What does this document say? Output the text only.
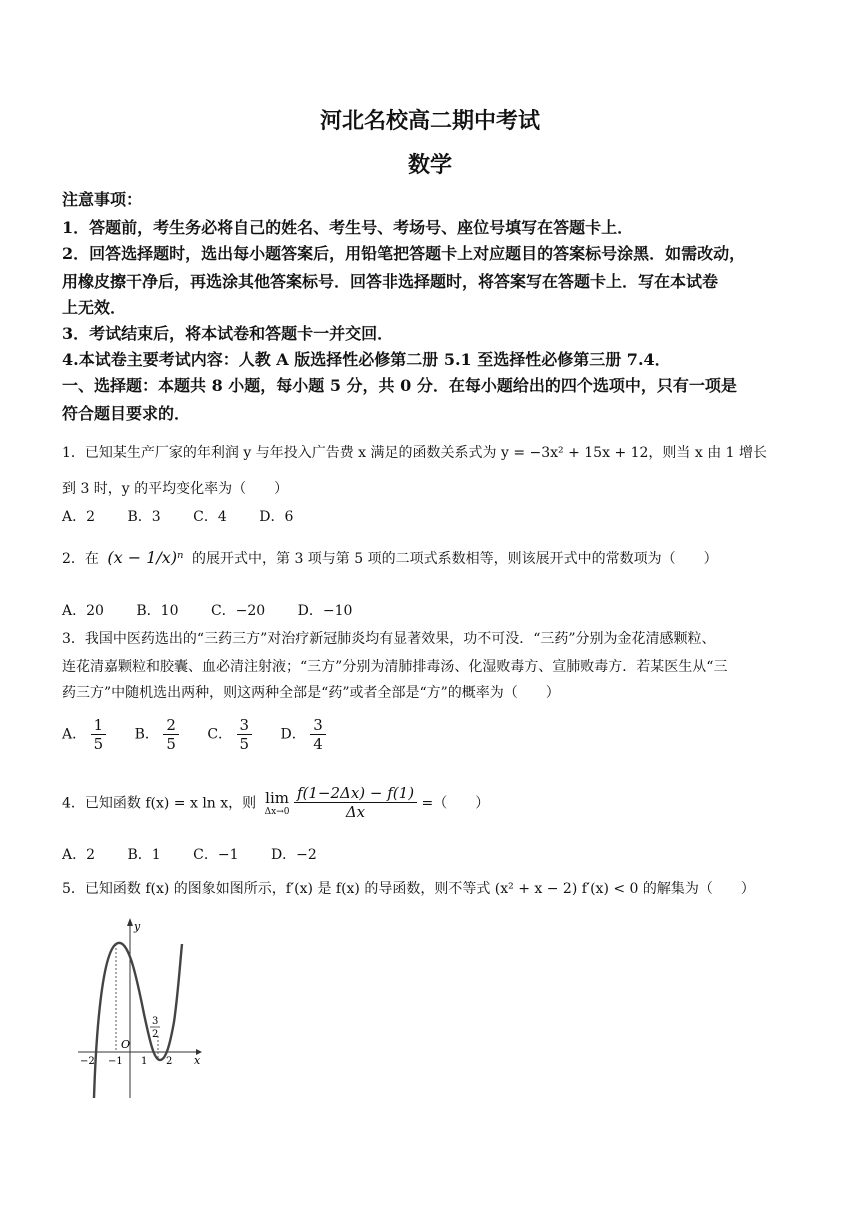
河北名校高二期中考试
数学
注意事项：
1．答题前，考生务必将自己的姓名、考生号、考场号、座位号填写在答题卡上．
2．回答选择题时，选出每小题答案后，用铅笔把答题卡上对应题目的答案标号涂黑．如需改动，
用橡皮擦干净后，再选涂其他答案标号．回答非选择题时，将答案写在答题卡上．写在本试卷
上无效．
3．考试结束后，将本试卷和答题卡一并交回．
4.本试卷主要考试内容：人教 A 版选择性必修第二册 5.1 至选择性必修第三册 7.4．
一、选择题：本题共 8 小题，每小题 5 分，共 0 分．在每小题给出的四个选项中，只有一项是
符合题目要求的．
1．已知某生产厂家的年利润 y 与年投入广告费 x 满足的函数关系式为 y = −3x² + 15x + 12，则当 x 由 1 增长
到 3 时，y 的平均变化率为（　　）
A．2 B．3 C．4 D．6
2．在 (x − 1/x)ⁿ 的展开式中，第 3 项与第 5 项的二项式系数相等，则该展开式中的常数项为（　　）
A．20 B．10 C．−20 D．−10
3．我国中医药选出的“三药三方”对治疗新冠肺炎均有显著效果，功不可没．“三药”分别为金花清感颗粒、
连花清嘉颗粒和胶囊、血必清注射液；“三方”分别为清肺排毒汤、化湿败毒方、宣肺败毒方．若某医生从“三
药三方”中随机选出两种，则这两种全部是“药”或者全部是“方”的概率为（　　）
A． $\frac{1}{5}$ B． $\frac{2}{5}$ C． $\frac{3}{5}$ D． $\frac{3}{4}$
4．已知函数 f(x) = x ln x，则 lim
Δx→0
$\frac{f(1-2\Delta x) - f(1)}{\Delta x}$ =（　　）
A．2 B．1 C．−1 D．−2
5．已知函数 f(x) 的图象如图所示，f′(x) 是 f(x) 的导函数，则不等式 (x² + x − 2) f′(x) < 0 的解集为（　　）
y
x
O
−2 −1 1 2
3
2
